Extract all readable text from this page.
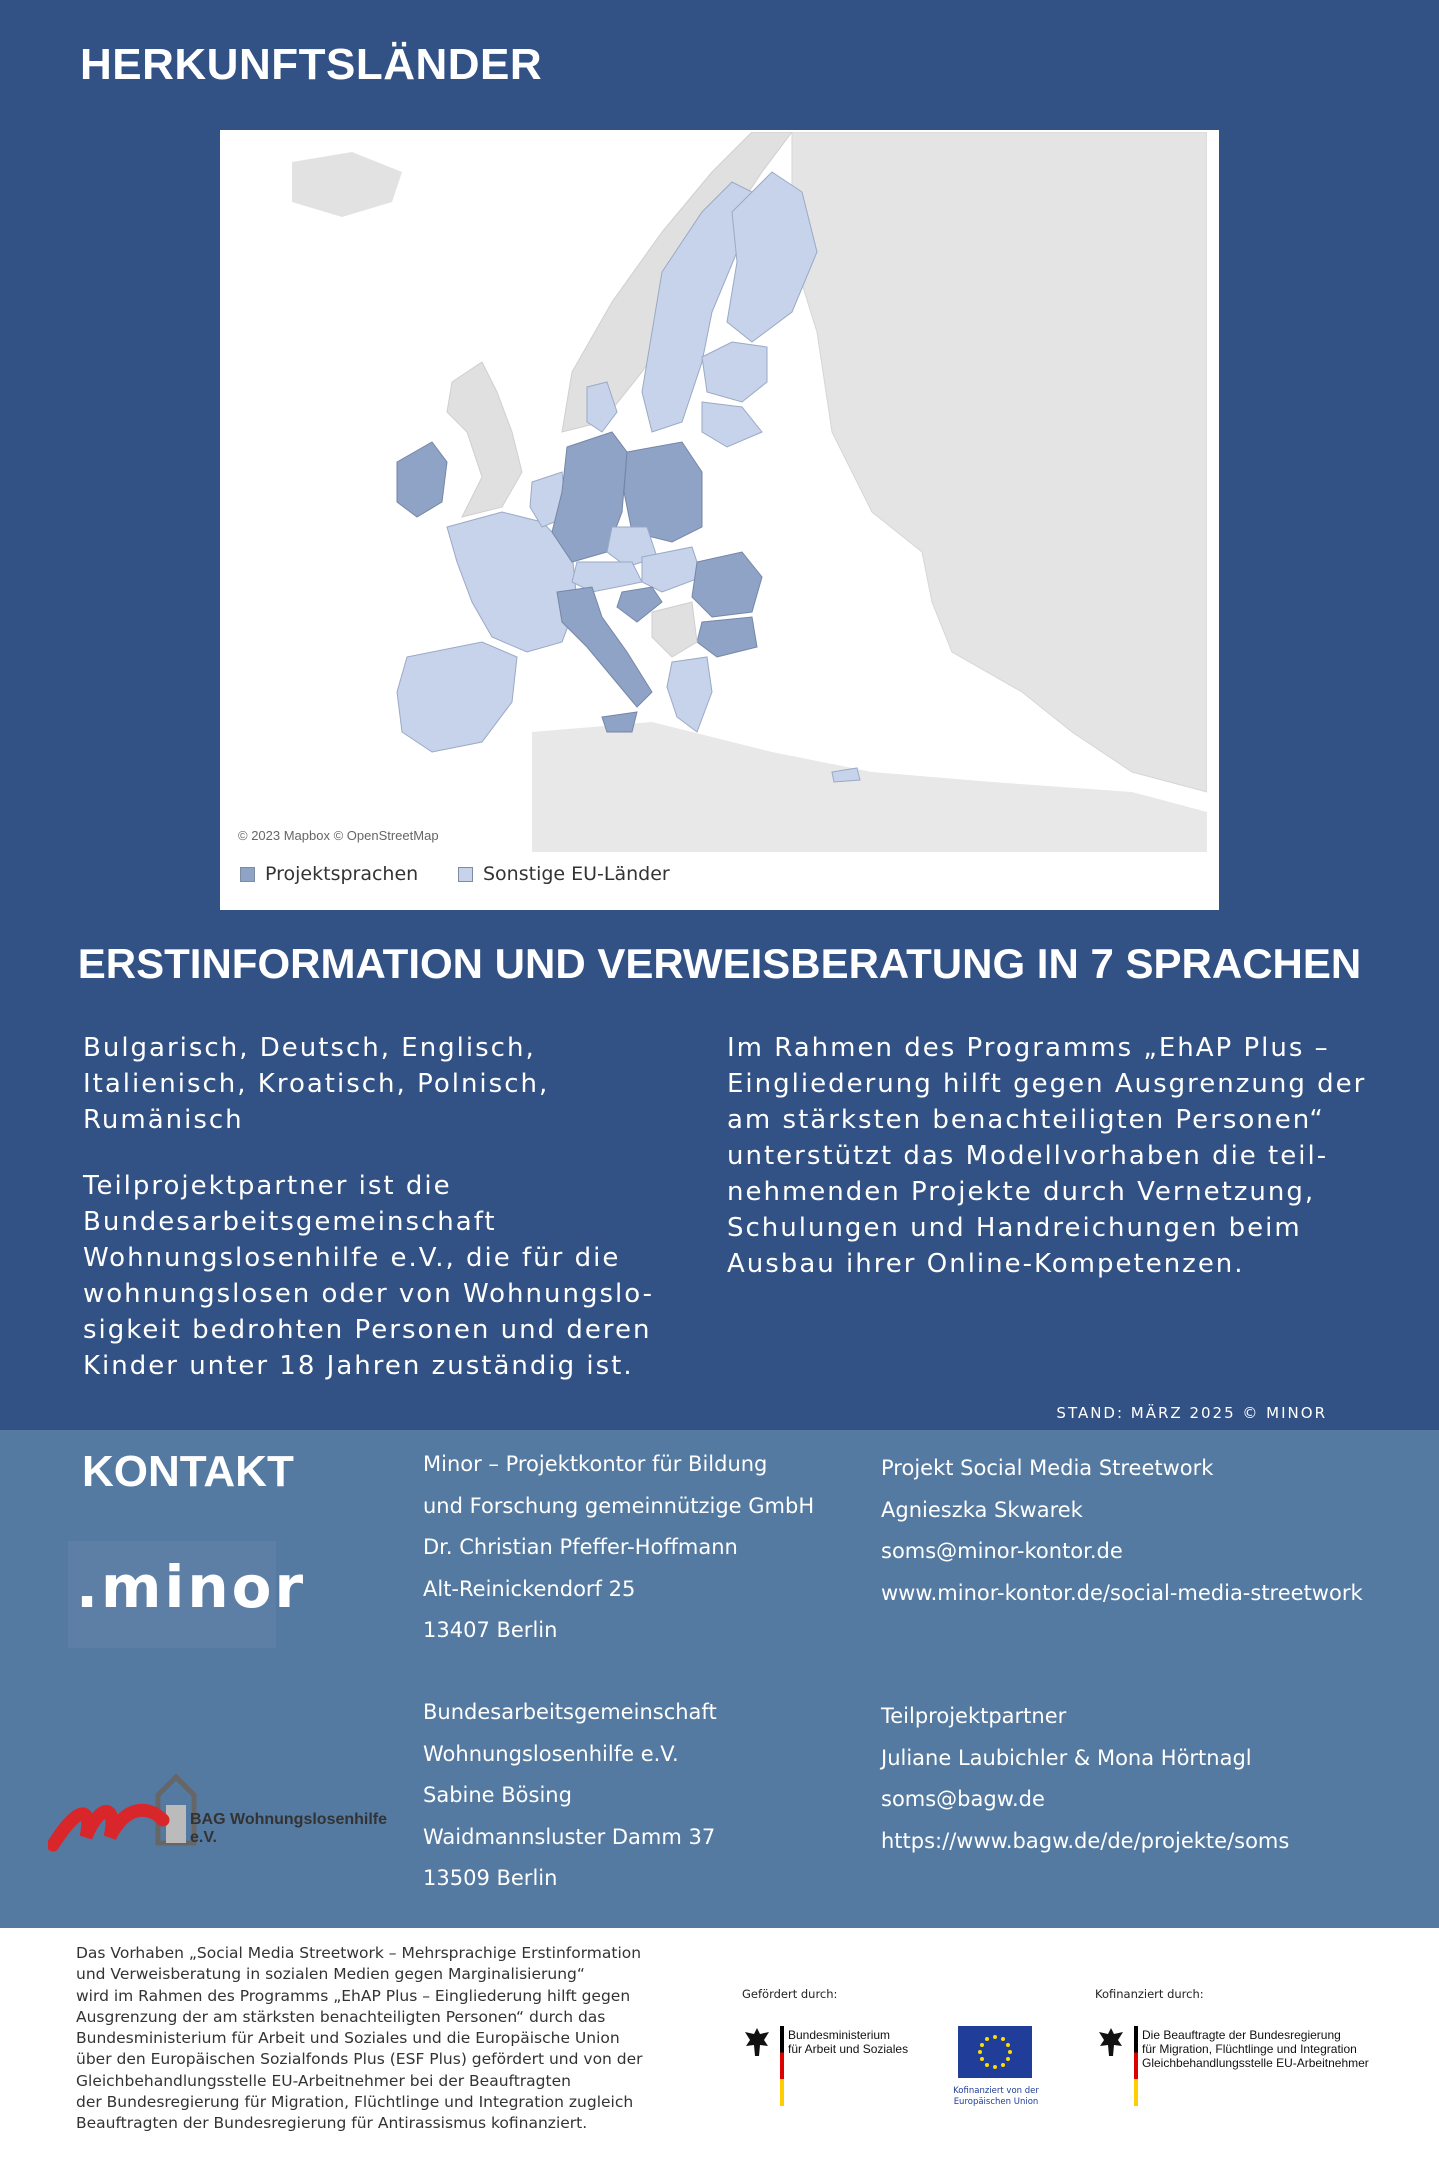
HERKUNFTSLÄNDER
© 2023 Mapbox © OpenStreetMap
Projektsprachen	Sonstige EU-Länder
ERSTINFORMATION UND VERWEISBERATUNG IN 7 SPRACHEN
Bulgarisch, Deutsch, Englisch,
Italienisch, Kroatisch, Polnisch,
Rumänisch
Teilprojektpartner ist die
Bundesarbeitsgemeinschaft
Wohnungslosenhilfe e.V., die für die
wohnungslosen oder von Wohnungslo-
sigkeit bedrohten Personen und deren
Kinder unter 18 Jahren zuständig ist.
Im Rahmen des Programms „EhAP Plus –
Eingliederung hilft gegen Ausgrenzung der
am stärksten benachteiligten Personen“
unterstützt das Modellvorhaben die teil-
nehmenden Projekte durch Vernetzung,
Schulungen und Handreichungen beim
Ausbau ihrer Online-Kompetenzen.
STAND: MÄRZ 2025 © MINOR
KONTAKT
.minor
BAG Wohnungslosenhilfe e.V.
Minor – Projektkontor für Bildung
und Forschung gemeinnützige GmbH
Dr. Christian Pfeffer-Hoffmann
Alt-Reinickendorf 25
13407 Berlin
Projekt Social Media Streetwork
Agnieszka Skwarek
soms@minor-kontor.de
www.minor-kontor.de/social-media-streetwork
Bundesarbeitsgemeinschaft
Wohnungslosenhilfe e.V.
Sabine Bösing
Waidmannsluster Damm 37
13509 Berlin
Teilprojektpartner
Juliane Laubichler & Mona Hörtnagl
soms@bagw.de
https://www.bagw.de/de/projekte/soms
Das Vorhaben „Social Media Streetwork – Mehrsprachige Erstinformation
und Verweisberatung in sozialen Medien gegen Marginalisierung“
wird im Rahmen des Programms „EhAP Plus – Eingliederung hilft gegen
Ausgrenzung der am stärksten benachteiligten Personen“ durch das
Bundesministerium für Arbeit und Soziales und die Europäische Union
über den Europäischen Sozialfonds Plus (ESF Plus) gefördert und von der
Gleichbehandlungsstelle EU-Arbeitnehmer bei der Beauftragten
der Bundesregierung für Migration, Flüchtlinge und Integration zugleich
Beauftragten der Bundesregierung für Antirassismus kofinanziert.
Gefördert durch:	Kofinanziert durch:
Bundesministerium
für Arbeit und Soziales
Kofinanziert von der
Europäischen Union
Die Beauftragte der Bundesregierung
für Migration, Flüchtlinge und Integration
Gleichbehandlungsstelle EU-Arbeitnehmer
